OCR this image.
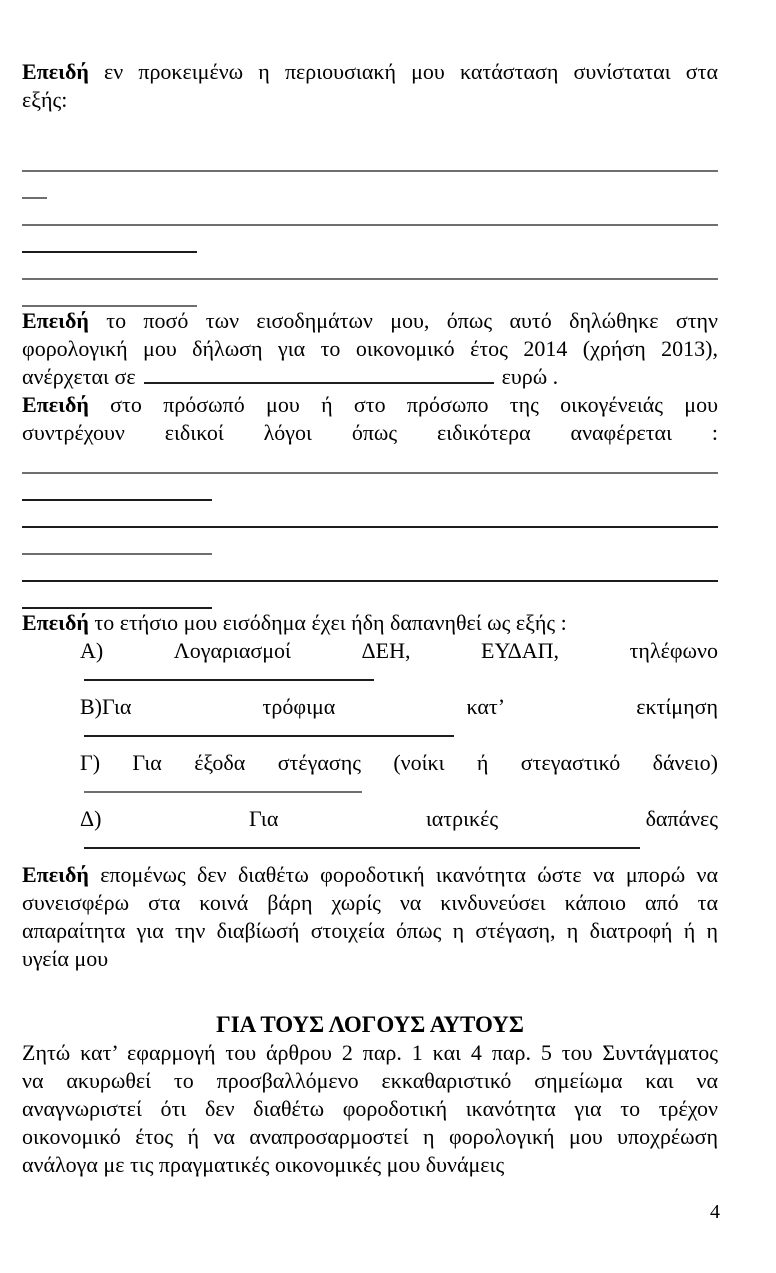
Επειδή εν προκειμένω η περιουσιακή μου κατάσταση συνίσταται στα
εξής:
Επειδή το ποσό των εισοδημάτων μου, όπως αυτό δηλώθηκε στην
φορολογική μου δήλωση για το οικονομικό έτος 2014 (χρήση 2013),
ανέρχεται σε	ευρώ .
Επειδή στο πρόσωπό μου ή στο πρόσωπο της οικογένειάς μου
συντρέχουν ειδικοί λόγοι όπως ειδικότερα αναφέρεται :
Επειδή το ετήσιο μου εισόδημα έχει ήδη δαπανηθεί ως εξής :
Α)	Λογαριασμοί	ΔΕΗ,	ΕΥΔΑΠ,	τηλέφωνο
Β)Για	τρόφιμα	κατ’	εκτίμηση
Γ) Για έξοδα στέγασης (νοίκι ή στεγαστικό δάνειο)
Δ)	Για	ιατρικές	δαπάνες
Επειδή επομένως δεν διαθέτω φοροδοτική ικανότητα ώστε να μπορώ να
συνεισφέρω στα κοινά βάρη χωρίς να κινδυνεύσει κάποιο από τα
απαραίτητα για την διαβίωσή στοιχεία όπως η στέγαση, η διατροφή ή η
υγεία μου
ΓΙΑ ΤΟΥΣ ΛΟΓΟΥΣ ΑΥΤΟΥΣ
Ζητώ κατ’ εφαρμογή του άρθρου 2 παρ. 1 και 4 παρ. 5 του Συντάγματος
να ακυρωθεί το προσβαλλόμενο εκκαθαριστικό σημείωμα και να
αναγνωριστεί ότι δεν διαθέτω φοροδοτική ικανότητα για το τρέχον
οικονομικό έτος ή να αναπροσαρμοστεί η φορολογική μου υποχρέωση
ανάλογα με τις πραγματικές οικονομικές μου δυνάμεις
4
